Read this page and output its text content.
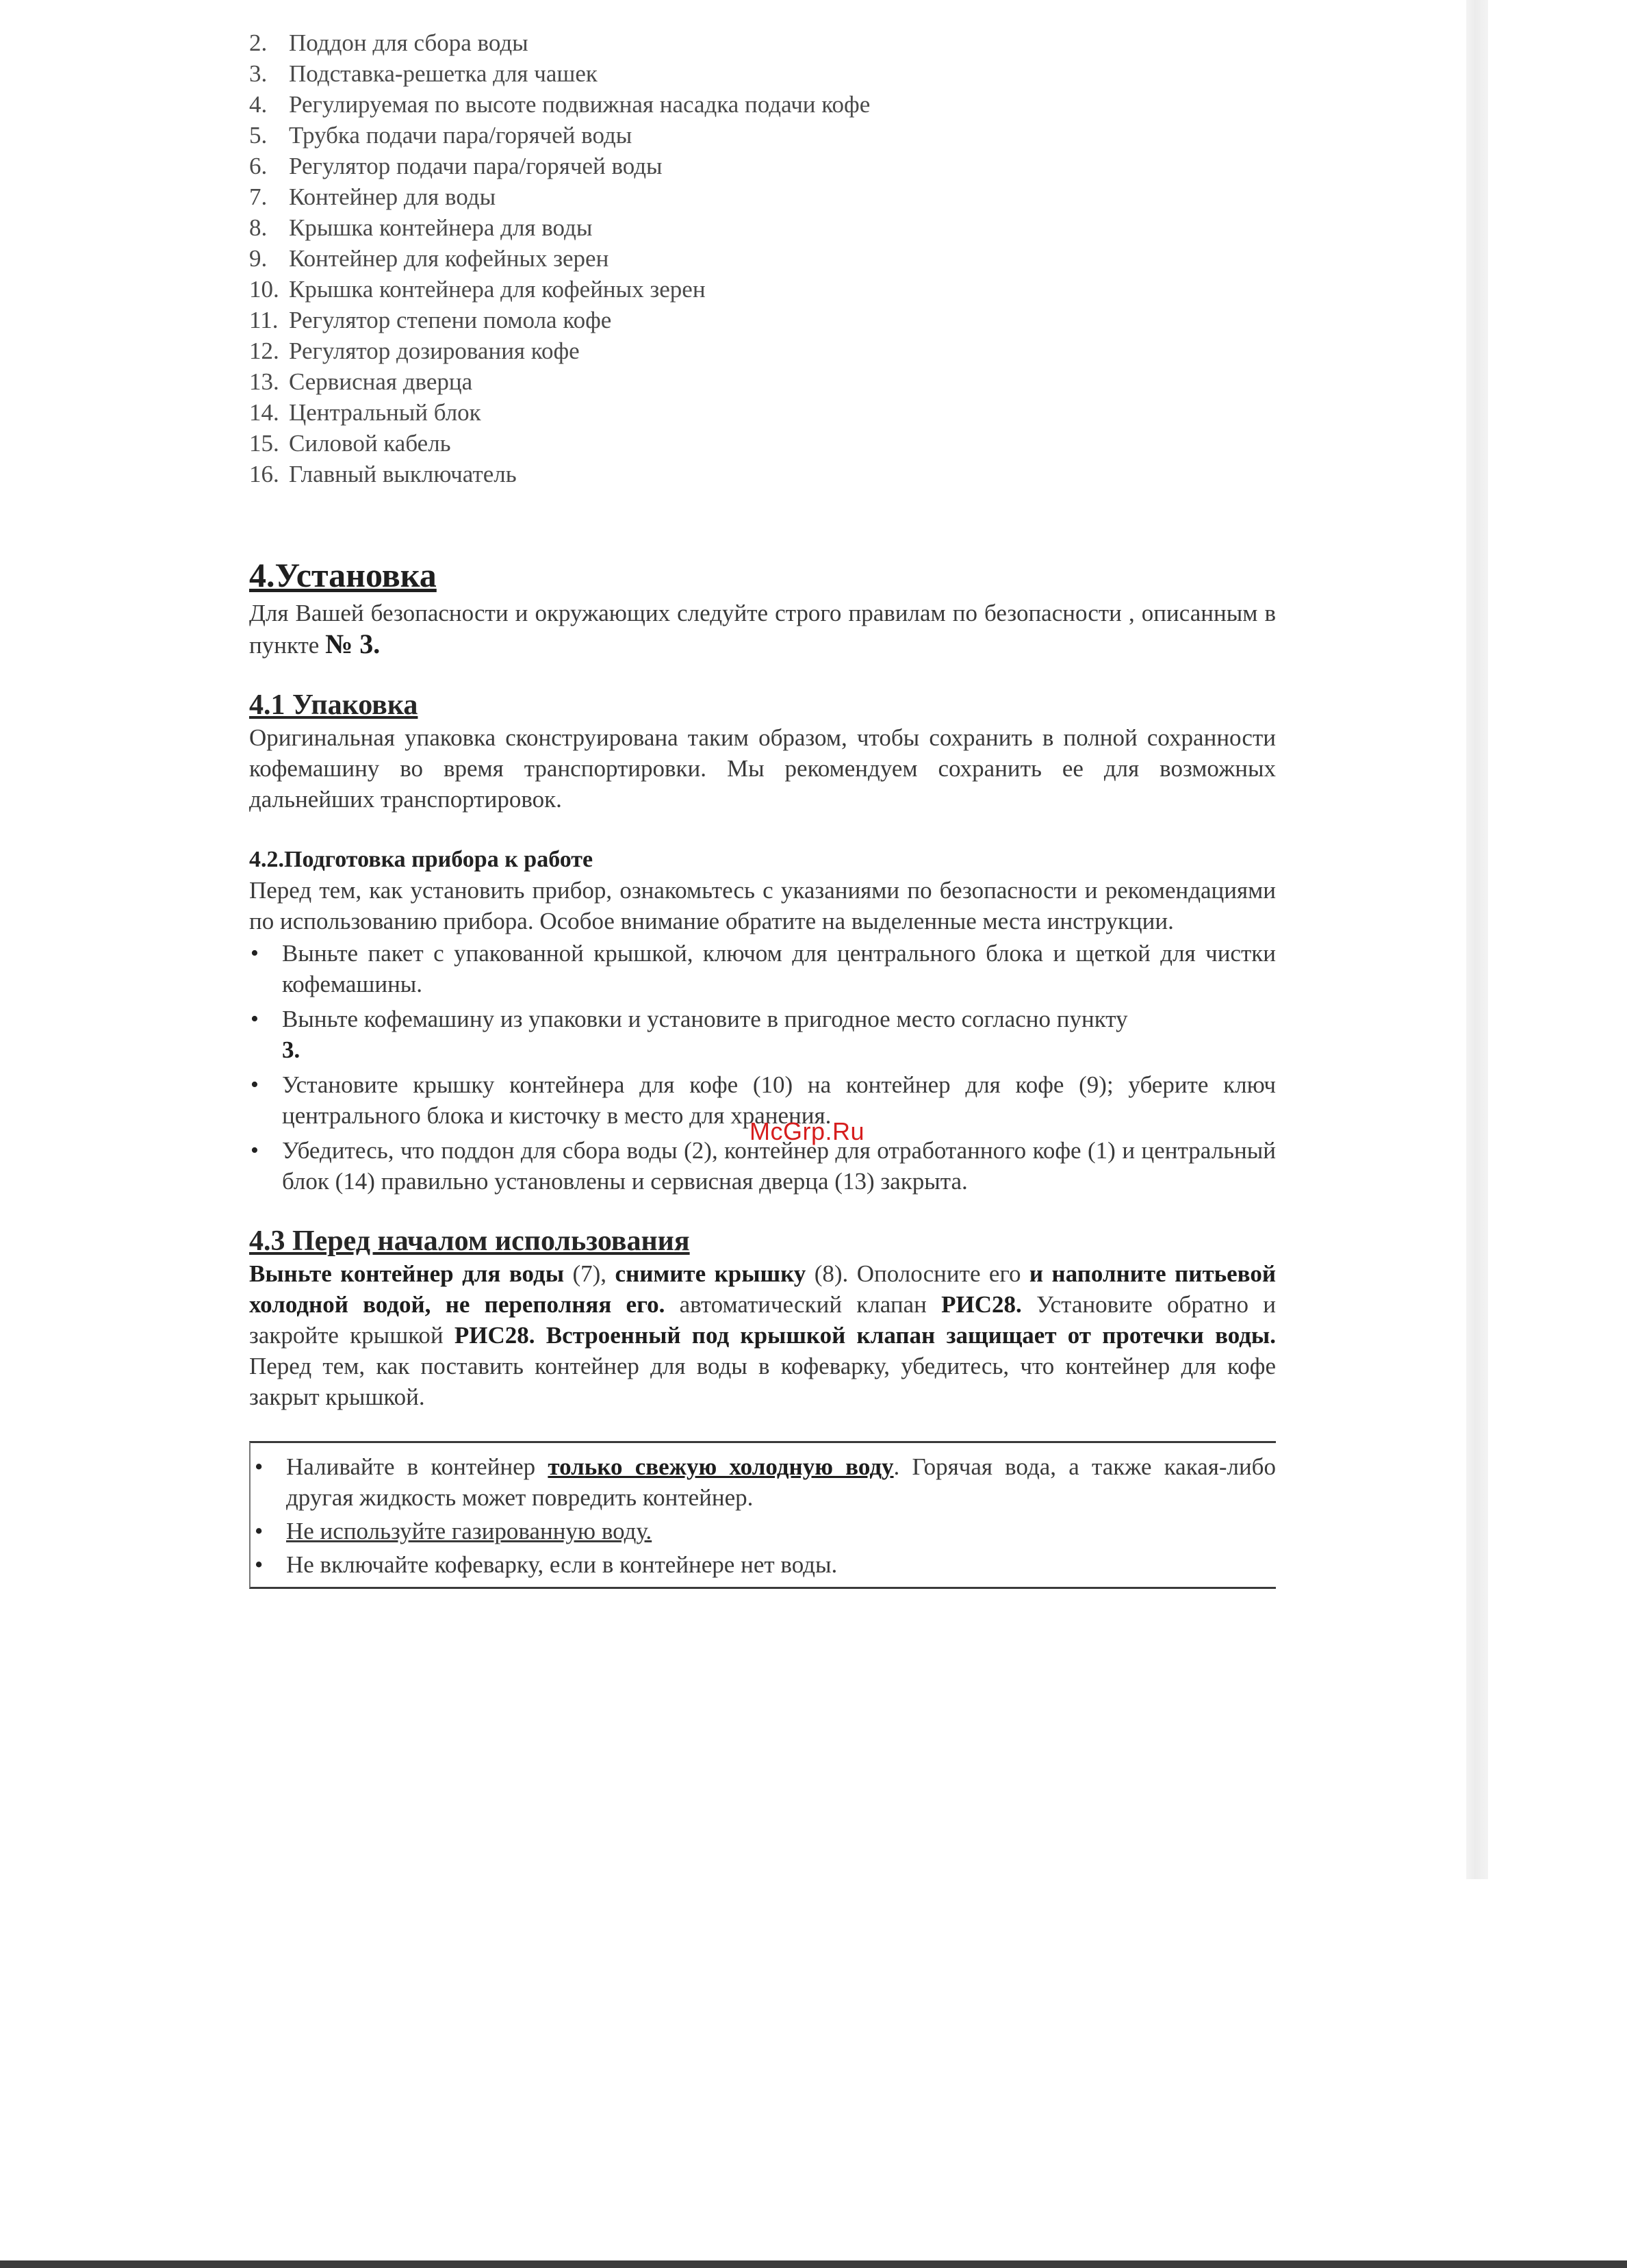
2. Поддон для сбора воды
3. Подставка-решетка для чашек
4. Регулируемая по высоте подвижная насадка подачи кофе
5. Трубка подачи пара/горячей воды
6. Регулятор подачи пара/горячей воды
7. Контейнер для воды
8. Крышка контейнера для воды
9. Контейнер для кофейных зерен
10. Крышка контейнера для кофейных зерен
11. Регулятор степени помола кофе
12. Регулятор дозирования кофе
13. Сервисная дверца
14. Центральный блок
15. Силовой кабель
16. Главный выключатель
4.Установка

Для Вашей безопасности и окружающих следуйте строго правилам по безопасности , описанным в пункте № 3.

4.1 Упаковка

Оригинальная упаковка сконструирована таким образом, чтобы сохранить в полной сохранности кофемашину во время транспортировки. Мы рекомендуем сохранить ее для возможных дальнейших транспортировок.

4.2.Подготовка прибора к работе

Перед тем, как установить прибор, ознакомьтесь с указаниями по безопасности и рекомендациями по использованию прибора. Особое внимание обратите на выделенные места инструкции.

• Выньте пакет с упакованной крышкой, ключом для центрального блока и щеткой для чистки кофемашины.
• Выньте кофемашину из упаковки и установите в пригодное место согласно пункту
3.
• Установите крышку контейнера для кофе (10) на контейнер для кофе (9); уберите ключ центрального блока и кисточку в место для хранения.
• Убедитесь, что поддон для сбора воды (2), контейнер для отработанного кофе (1) и центральный блок (14) правильно установлены и сервисная дверца (13) закрыта.
4.3 Перед началом использования

Выньте контейнер для воды (7), снимите крышку (8). Ополосните его и наполните питьевой холодной водой, не переполняя его. автоматический клапан РИС28. Установите обратно и закройте крышкой РИС28. Встроенный под крышкой клапан защищает от протечки воды. Перед тем, как поставить контейнер для воды в кофеварку, убедитесь, что контейнер для кофе закрыт крышкой.

• Наливайте в контейнер только свежую холодную воду. Горячая вода, а также какая-либо другая жидкость может повредить контейнер.
• Не используйте газированную воду.
• Не включайте кофеварку, если в контейнере нет воды.
McGrp.Ru
